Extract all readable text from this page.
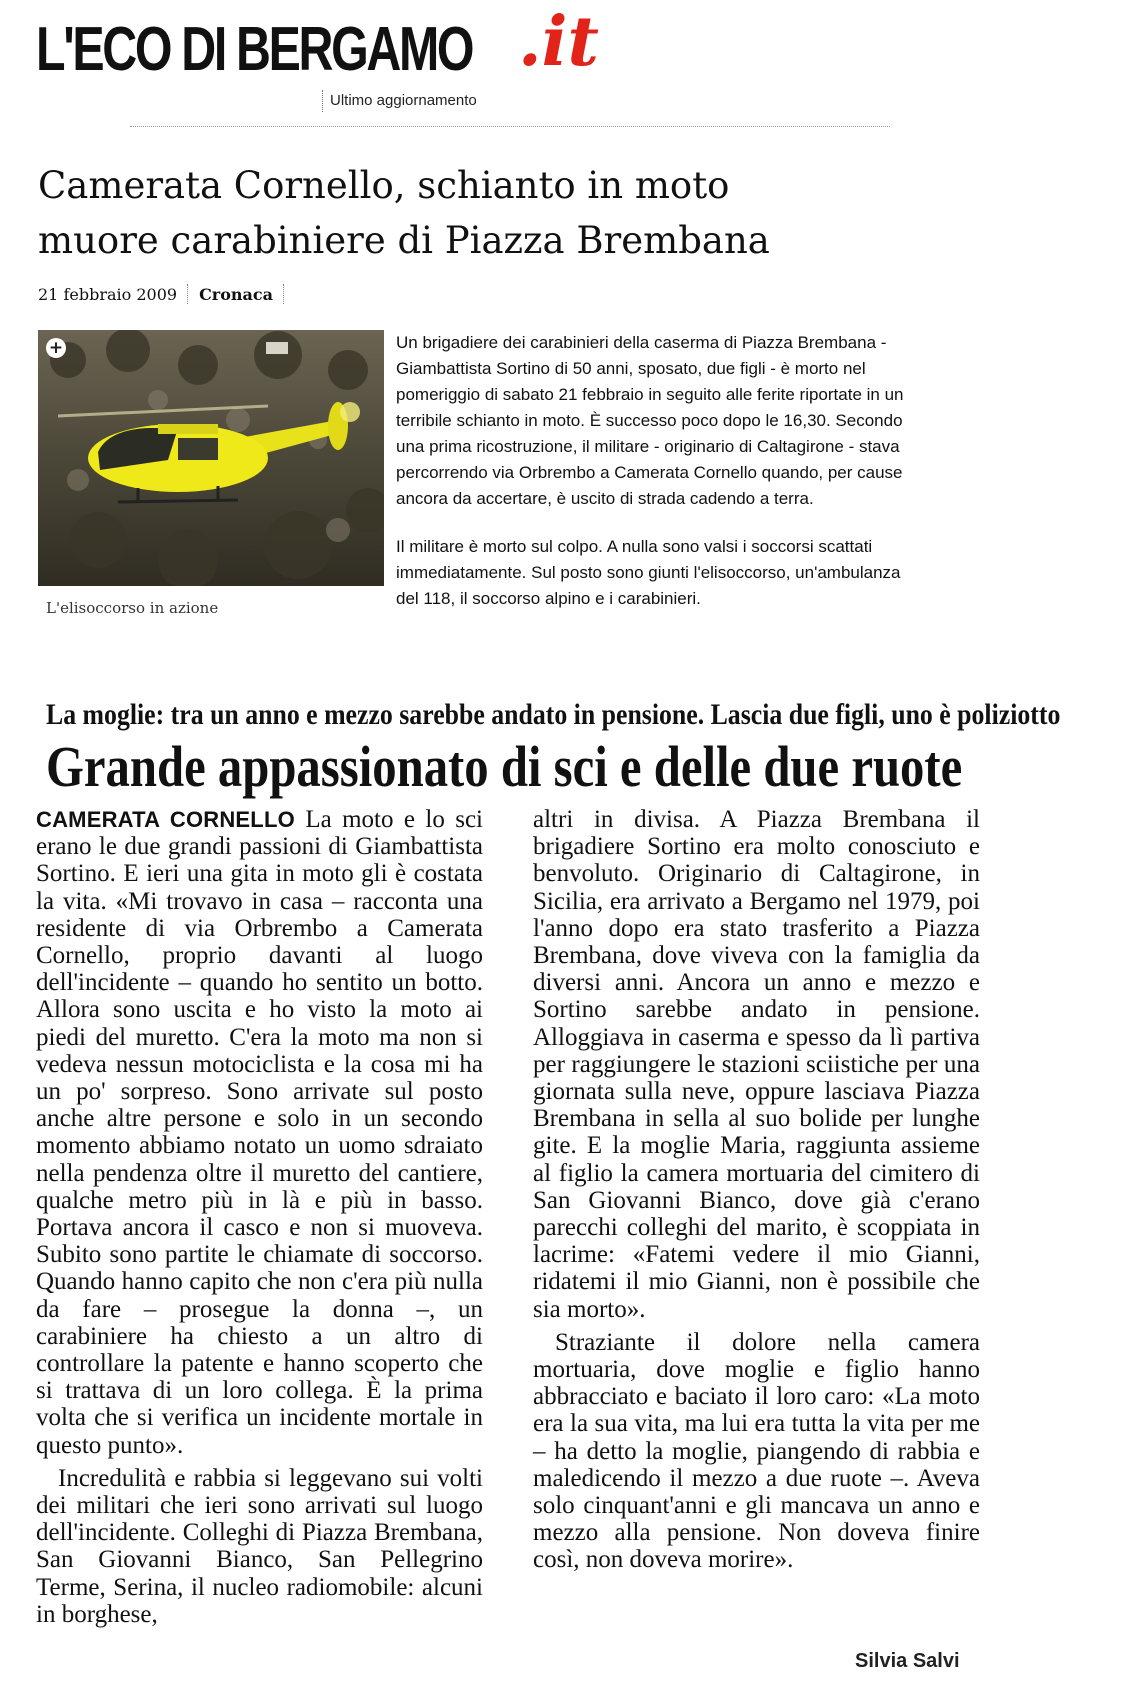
L'ECO DI BERGAMO .it
Ultimo aggiornamento
Camerata Cornello, schianto in moto muore carabiniere di Piazza Brembana
21 febbraio 2009 Cronaca
+
L'elisoccorso in azione

Un brigadiere dei carabinieri della caserma di Piazza Brembana - Giambattista Sortino di 50 anni, sposato, due figli - è morto nel pomeriggio di sabato 21 febbraio in seguito alle ferite riportate in un terribile schianto in moto. È successo poco dopo le 16,30. Secondo una prima ricostruzione, il militare - originario di Caltagirone - stava percorrendo via Orbrembo a Camerata Cornello quando, per cause ancora da accertare, è uscito di strada cadendo a terra.

Il militare è morto sul colpo. A nulla sono valsi i soccorsi scattati immediatamente. Sul posto sono giunti l'elisoccorso, un'ambulanza del 118, il soccorso alpino e i carabinieri.

La moglie: tra un anno e mezzo sarebbe andato in pensione. Lascia due figli, uno è poliziotto
Grande appassionato di sci e delle due ruote

CAMERATA CORNELLO La moto e lo sci erano le due grandi passioni di Giambattista Sortino. E ieri una gita in moto gli è costata la vita. «Mi trovavo in casa – racconta una residente di via Orbrembo a Camerata Cornello, proprio davanti al luogo dell'incidente – quando ho sentito un botto. Allora sono uscita e ho visto la moto ai piedi del muretto. C'era la moto ma non si vedeva nessun motociclista e la cosa mi ha un po' sorpreso. Sono arrivate sul posto anche altre persone e solo in un secondo momento abbiamo notato un uomo sdraiato nella pendenza oltre il muretto del cantiere, qualche metro più in là e più in basso. Portava ancora il casco e non si muoveva. Subito sono partite le chiamate di soccorso. Quando hanno capito che non c'era più nulla da fare – prosegue la donna –, un carabiniere ha chiesto a un altro di controllare la patente e hanno scoperto che si trattava di un loro collega. È la prima volta che si verifica un incidente mortale in questo punto».

Incredulità e rabbia si leggevano sui volti dei militari che ieri sono arrivati sul luogo dell'incidente. Colleghi di Piazza Brembana, San Giovanni Bianco, San Pellegrino Terme, Serina, il nucleo radiomobile: alcuni in borghese,

altri in divisa. A Piazza Brembana il brigadiere Sortino era molto conosciuto e benvoluto. Originario di Caltagirone, in Sicilia, era arrivato a Bergamo nel 1979, poi l'anno dopo era stato trasferito a Piazza Brembana, dove viveva con la famiglia da diversi anni. Ancora un anno e mezzo e Sortino sarebbe andato in pensione. Alloggiava in caserma e spesso da lì partiva per raggiungere le stazioni sciistiche per una giornata sulla neve, oppure lasciava Piazza Brembana in sella al suo bolide per lunghe gite. E la moglie Maria, raggiunta assieme al figlio la camera mortuaria del cimitero di San Giovanni Bianco, dove già c'erano parecchi colleghi del marito, è scoppiata in lacrime: «Fatemi vedere il mio Gianni, ridatemi il mio Gianni, non è possibile che sia morto».

Straziante il dolore nella camera mortuaria, dove moglie e figlio hanno abbracciato e baciato il loro caro: «La moto era la sua vita, ma lui era tutta la vita per me – ha detto la moglie, piangendo di rabbia e maledicendo il mezzo a due ruote –. Aveva solo cinquant'anni e gli mancava un anno e mezzo alla pensione. Non doveva finire così, non doveva morire».

Silvia Salvi
